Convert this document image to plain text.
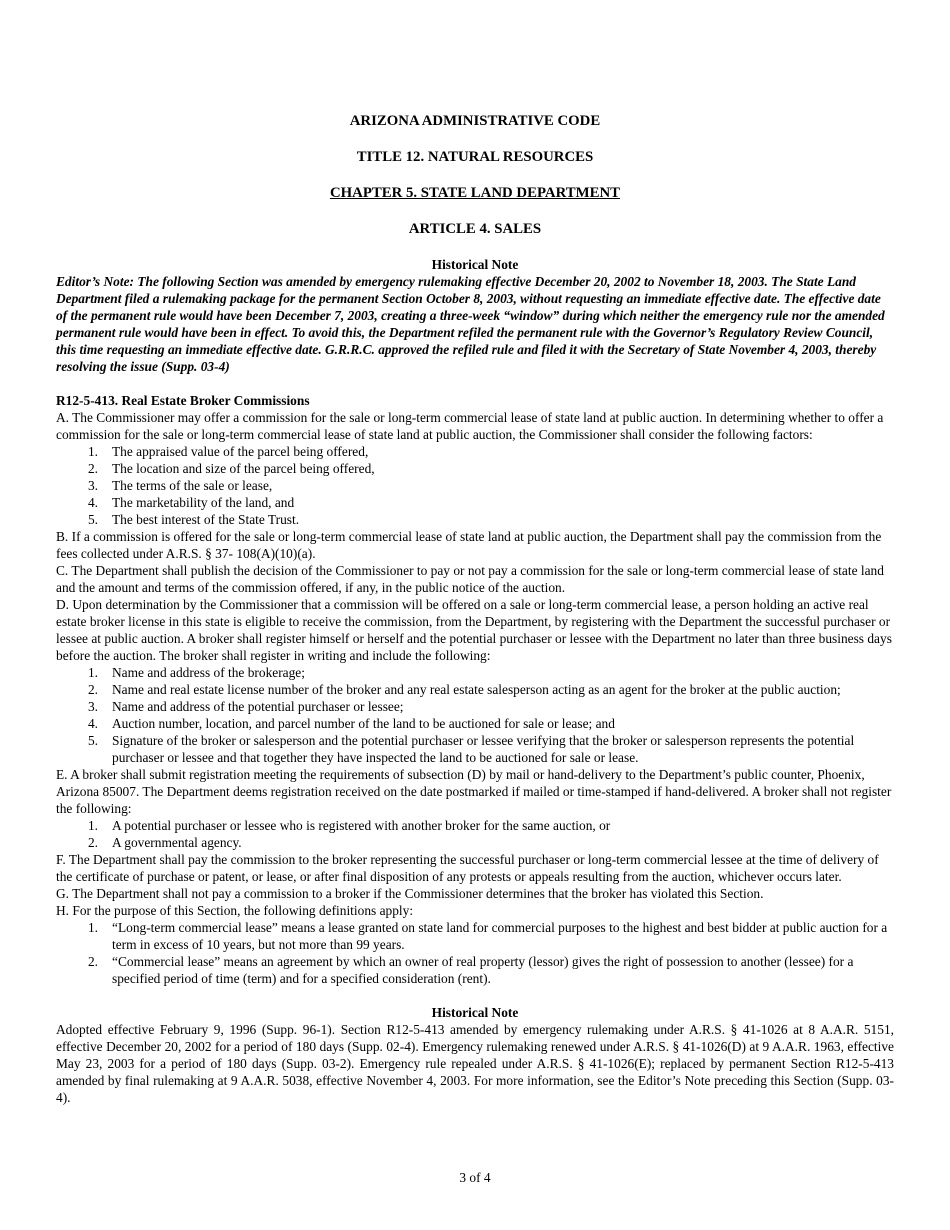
ARIZONA ADMINISTRATIVE CODE
TITLE 12. NATURAL RESOURCES
CHAPTER 5. STATE LAND DEPARTMENT
ARTICLE 4. SALES
Historical Note

Editor’s Note: The following Section was amended by emergency rulemaking effective December 20, 2002 to November 18, 2003. The State Land Department filed a rulemaking package for the permanent Section October 8, 2003, without requesting an immediate effective date. The effective date of the permanent rule would have been December 7, 2003, creating a three-week “window” during which neither the emergency rule nor the amended permanent rule would have been in effect. To avoid this, the Department refiled the permanent rule with the Governor’s Regulatory Review Council, this time requesting an immediate effective date. G.R.R.C. approved the refiled rule and filed it with the Secretary of State November 4, 2003, thereby resolving the issue (Supp. 03-4)

R12-5-413. Real Estate Broker Commissions

A. The Commissioner may offer a commission for the sale or long-term commercial lease of state land at public auction. In determining whether to offer a commission for the sale or long-term commercial lease of state land at public auction, the Commissioner shall consider the following factors:

1. The appraised value of the parcel being offered,
2. The location and size of the parcel being offered,
3. The terms of the sale or lease,
4. The marketability of the land, and
5. The best interest of the State Trust.

B. If a commission is offered for the sale or long-term commercial lease of state land at public auction, the Department shall pay the commission from the fees collected under A.R.S. § 37- 108(A)(10)(a).

C. The Department shall publish the decision of the Commissioner to pay or not pay a commission for the sale or long-term commercial lease of state land and the amount and terms of the commission offered, if any, in the public notice of the auction.

D. Upon determination by the Commissioner that a commission will be offered on a sale or long-term commercial lease, a person holding an active real estate broker license in this state is eligible to receive the commission, from the Department, by registering with the Department the successful purchaser or lessee at public auction. A broker shall register himself or herself and the potential purchaser or lessee with the Department no later than three business days before the auction. The broker shall register in writing and include the following:

1. Name and address of the brokerage;
2. Name and real estate license number of the broker and any real estate salesperson acting as an agent for the broker at the public auction;
3. Name and address of the potential purchaser or lessee;
4. Auction number, location, and parcel number of the land to be auctioned for sale or lease; and
5. Signature of the broker or salesperson and the potential purchaser or lessee verifying that the broker or salesperson represents the potential purchaser or lessee and that together they have inspected the land to be auctioned for sale or lease.

E. A broker shall submit registration meeting the requirements of subsection (D) by mail or hand-delivery to the Department’s public counter, Phoenix, Arizona 85007. The Department deems registration received on the date postmarked if mailed or time-stamped if hand-delivered. A broker shall not register the following:

1. A potential purchaser or lessee who is registered with another broker for the same auction, or
2. A governmental agency.

F. The Department shall pay the commission to the broker representing the successful purchaser or long-term commercial lessee at the time of delivery of the certificate of purchase or patent, or lease, or after final disposition of any protests or appeals resulting from the auction, whichever occurs later.

G. The Department shall not pay a commission to a broker if the Commissioner determines that the broker has violated this Section.

H. For the purpose of this Section, the following definitions apply:

1. “Long-term commercial lease” means a lease granted on state land for commercial purposes to the highest and best bidder at public auction for a term in excess of 10 years, but not more than 99 years.
2. “Commercial lease” means an agreement by which an owner of real property (lessor) gives the right of possession to another (lessee) for a specified period of time (term) and for a specified consideration (rent).
Historical Note

Adopted effective February 9, 1996 (Supp. 96-1). Section R12-5-413 amended by emergency rulemaking under A.R.S. § 41-1026 at 8 A.A.R. 5151, effective December 20, 2002 for a period of 180 days (Supp. 02-4). Emergency rulemaking renewed under A.R.S. § 41-1026(D) at 9 A.A.R. 1963, effective May 23, 2003 for a period of 180 days (Supp. 03-2). Emergency rule repealed under A.R.S. § 41-1026(E); replaced by permanent Section R12-5-413 amended by final rulemaking at 9 A.A.R. 5038, effective November 4, 2003. For more information, see the Editor’s Note preceding this Section (Supp. 03-4).

3 of 4
